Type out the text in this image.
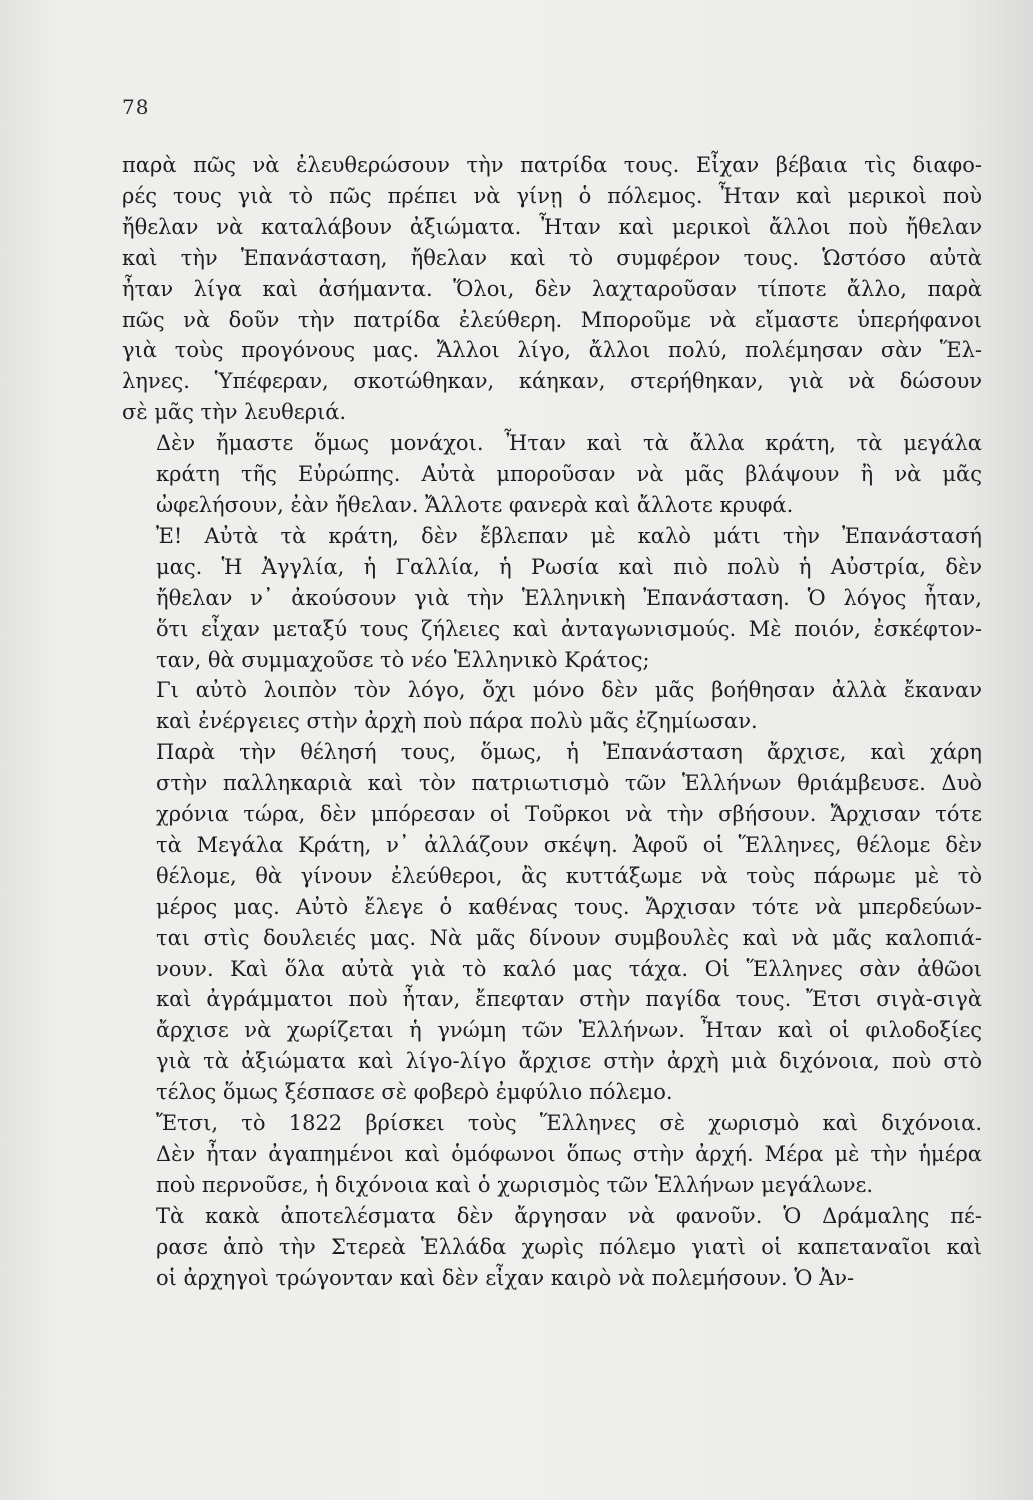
78
παρὰ πῶς νὰ ἐλευθερώσουν τὴν πατρίδα τους. Εἶχαν βέβαια τὶς διαφο-
ρές τους γιὰ τὸ πῶς πρέπει νὰ γίνῃ ὁ πόλεμος. Ἦταν καὶ μερικοὶ ποὺ
ἤθελαν νὰ καταλάβουν ἀξιώματα. Ἦταν καὶ μερικοὶ ἄλλοι ποὺ ἤθελαν
καὶ τὴν Ἐπανάσταση, ἤθελαν καὶ τὸ συμφέρον τους. Ὡστόσο αὐτὰ
ἦταν λίγα καὶ ἀσήμαντα. Ὅλοι, δὲν λαχταροῦσαν τίποτε ἄλλο, παρὰ
πῶς νὰ δοῦν τὴν πατρίδα ἐλεύθερη. Μποροῦμε νὰ εἴμαστε ὑπερήφανοι
γιὰ τοὺς προγόνους μας. Ἄλλοι λίγο, ἄλλοι πολύ, πολέμησαν σὰν Ἕλ-
ληνες. Ὑπέφεραν, σκοτώθηκαν, κάηκαν, στερήθηκαν, γιὰ νὰ δώσουν
σὲ μᾶς τὴν λευθεριά.
Δὲν ἤμαστε ὅμως μονάχοι. Ἦταν καὶ τὰ ἄλλα κράτη, τὰ μεγάλα
κράτη τῆς Εὐρώπης. Αὐτὰ μποροῦσαν νὰ μᾶς βλάψουν ἢ νὰ μᾶς
ὠφελήσουν, ἐὰν ἤθελαν. Ἄλλοτε φανερὰ καὶ ἄλλοτε κρυφά.
Ἐ! Αὐτὰ τὰ κράτη, δὲν ἔβλεπαν μὲ καλὸ μάτι τὴν Ἐπανάστασή
μας. Ἡ Ἀγγλία, ἡ Γαλλία, ἡ Ρωσία καὶ πιὸ πολὺ ἡ Αὐστρία, δὲν
ἤθελαν ν᾽ ἀκούσουν γιὰ τὴν Ἑλληνικὴ Ἐπανάσταση. Ὁ λόγος ἦταν,
ὅτι εἶχαν μεταξύ τους ζήλειες καὶ ἀνταγωνισμούς. Μὲ ποιόν, ἐσκέφτον-
ταν, θὰ συμμαχοῦσε τὸ νέο Ἑλληνικὸ Κράτος;
Γι αὐτὸ λοιπὸν τὸν λόγο, ὄχι μόνο δὲν μᾶς βοήθησαν ἀλλὰ ἔκαναν
καὶ ἐνέργειες στὴν ἀρχὴ ποὺ πάρα πολὺ μᾶς ἐζημίωσαν.
Παρὰ τὴν θέλησή τους, ὅμως, ἡ Ἐπανάσταση ἄρχισε, καὶ χάρη
στὴν παλληκαριὰ καὶ τὸν πατριωτισμὸ τῶν Ἑλλήνων θριάμβευσε. Δυὸ
χρόνια τώρα, δὲν μπόρεσαν οἱ Τοῦρκοι νὰ τὴν σβήσουν. Ἄρχισαν τότε
τὰ Μεγάλα Κράτη, ν᾽ ἀλλάζουν σκέψη. Ἀφοῦ οἱ Ἕλληνες, θέλομε δὲν
θέλομε, θὰ γίνουν ἐλεύθεροι, ἂς κυττάξωμε νὰ τοὺς πάρωμε μὲ τὸ
μέρος μας. Αὐτὸ ἔλεγε ὁ καθένας τους. Ἄρχισαν τότε νὰ μπερδεύων-
ται στὶς δουλειές μας. Νὰ μᾶς δίνουν συμβουλὲς καὶ νὰ μᾶς καλοπιά-
νουν. Καὶ ὅλα αὐτὰ γιὰ τὸ καλό μας τάχα. Οἱ Ἕλληνες σὰν ἀθῶοι
καὶ ἀγράμματοι ποὺ ἦταν, ἔπεφταν στὴν παγίδα τους. Ἔτσι σιγὰ-σιγὰ
ἄρχισε νὰ χωρίζεται ἡ γνώμη τῶν Ἑλλήνων. Ἦταν καὶ οἱ φιλοδοξίες
γιὰ τὰ ἀξιώματα καὶ λίγο-λίγο ἄρχισε στὴν ἀρχὴ μιὰ διχόνοια, ποὺ στὸ
τέλος ὅμως ξέσπασε σὲ φοβερὸ ἐμφύλιο πόλεμο.
Ἔτσι, τὸ 1822 βρίσκει τοὺς Ἕλληνες σὲ χωρισμὸ καὶ διχόνοια.
Δὲν ἦταν ἀγαπημένοι καὶ ὁμόφωνοι ὅπως στὴν ἀρχή. Μέρα μὲ τὴν ἡμέρα
ποὺ περνοῦσε, ἡ διχόνοια καὶ ὁ χωρισμὸς τῶν Ἑλλήνων μεγάλωνε.
Τὰ κακὰ ἀποτελέσματα δὲν ἄργησαν νὰ φανοῦν. Ὁ Δράμαλης πέ-
ρασε ἀπὸ τὴν Στερεὰ Ἑλλάδα χωρὶς πόλεμο γιατὶ οἱ καπεταναῖοι καὶ
οἱ ἀρχηγοὶ τρώγονταν καὶ δὲν εἶχαν καιρὸ νὰ πολεμήσουν. Ὁ Ἀν-
